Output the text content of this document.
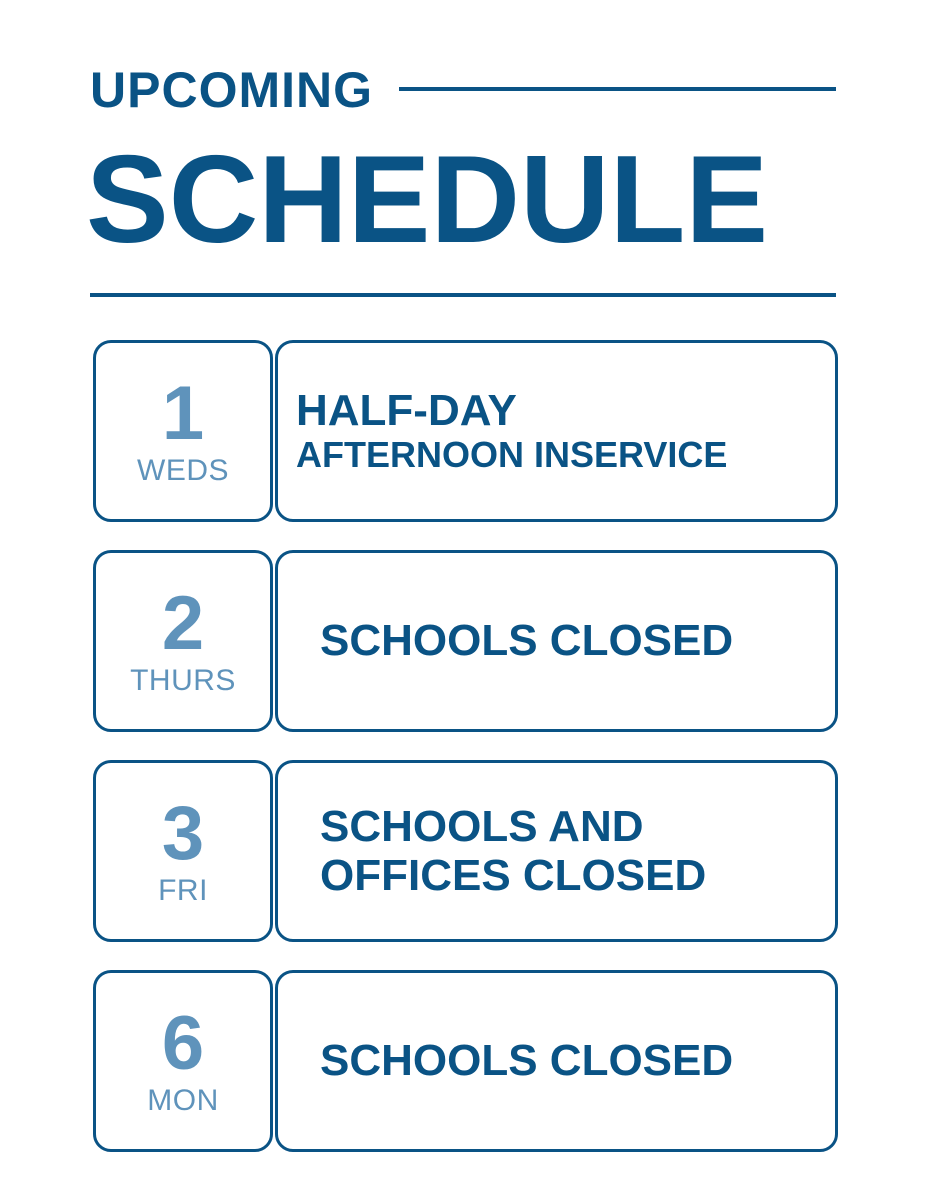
UPCOMING
SCHEDULE
1
WEDS
HALF-DAY
AFTERNOON INSERVICE
2
THURS
SCHOOLS CLOSED
3
FRI
SCHOOLS AND
OFFICES CLOSED
6
MON
SCHOOLS CLOSED
